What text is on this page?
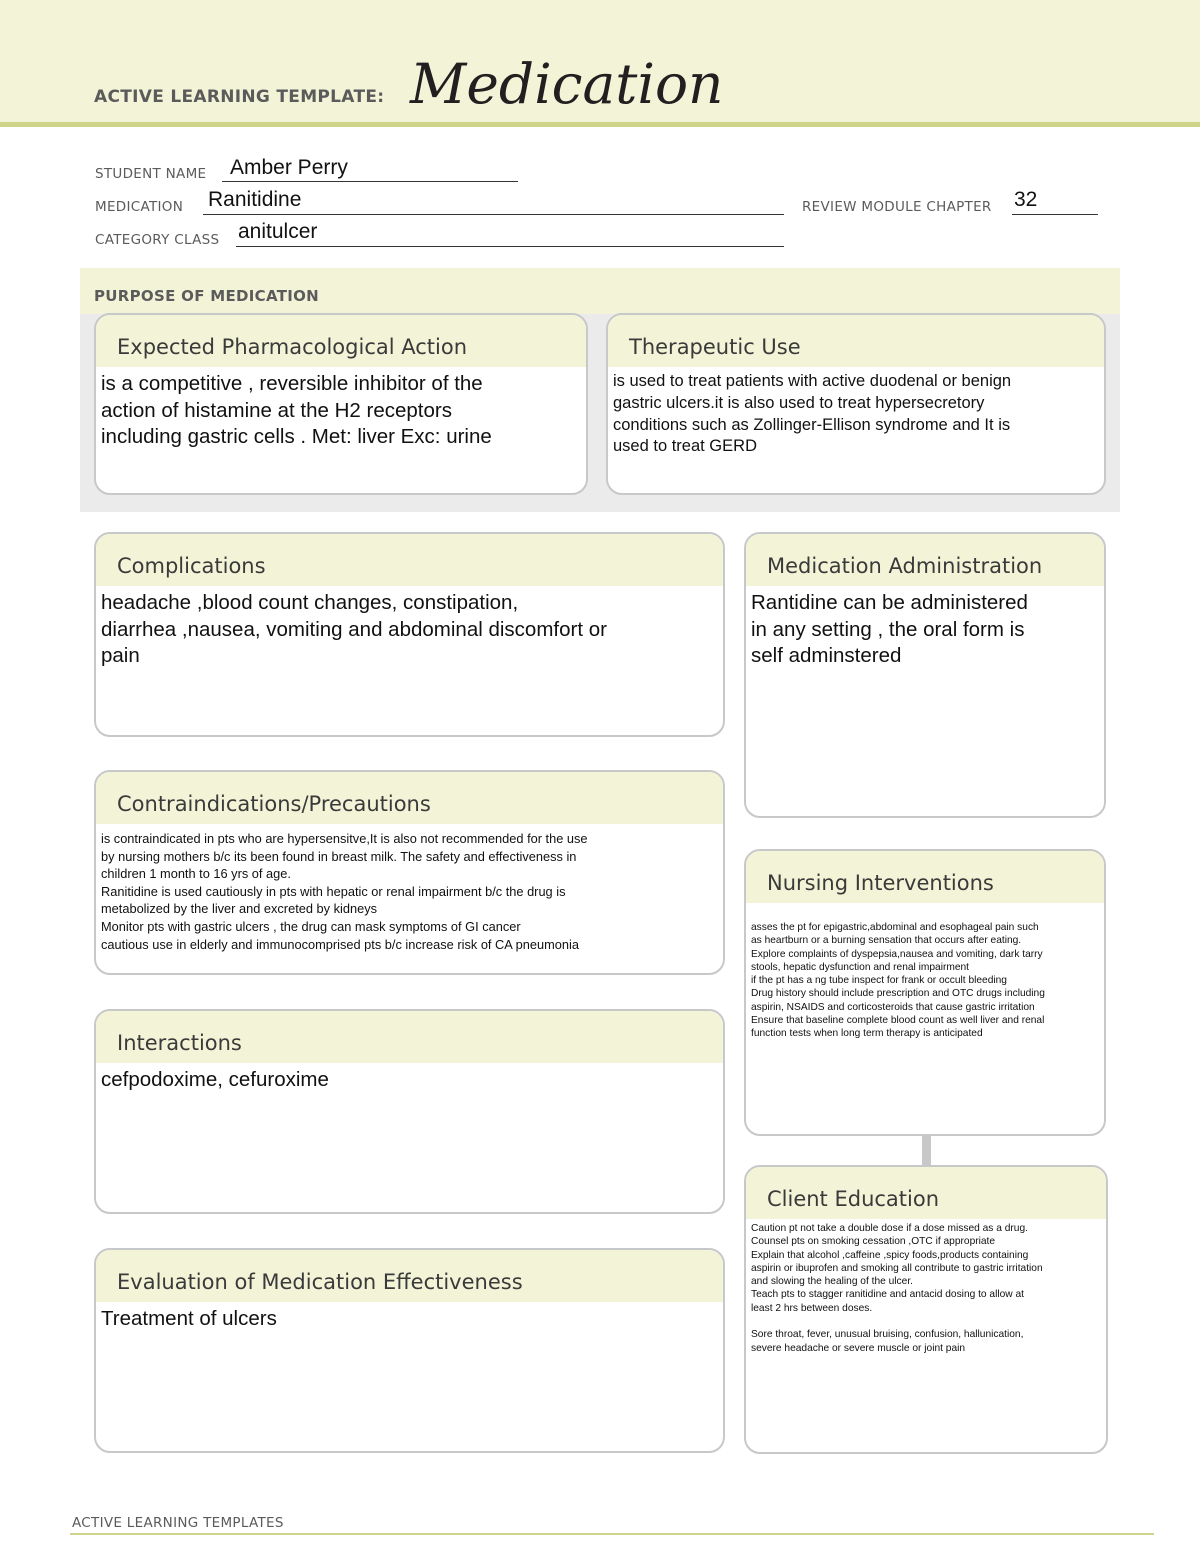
ACTIVE LEARNING TEMPLATE: Medication
STUDENT NAME Amber Perry
MEDICATION Ranitidine	REVIEW MODULE CHAPTER 32
CATEGORY CLASS anitulcer
PURPOSE OF MEDICATION
Expected Pharmacological Action

is a competitive , reversible inhibitor of the
action of histamine at the H2 receptors
including gastric cells . Met: liver Exc: urine

Therapeutic Use

is used to treat patients with active duodenal or benign
gastric ulcers.it is also used to treat hypersecretory
conditions such as Zollinger-Ellison syndrome and It is
used to treat GERD

Complications

headache ,blood count changes, constipation,
diarrhea ,nausea, vomiting and abdominal discomfort or
pain

Medication Administration

Rantidine can be administered
in any setting , the oral form is
self adminstered

Contraindications/Precautions

is contraindicated in pts who are hypersensitve,It is also not recommended for the use
by nursing mothers b/c its been found in breast milk. The safety and effectiveness in
children 1 month to 16 yrs of age.
Ranitidine is used cautiously in pts with hepatic or renal impairment b/c the drug is
metabolized by the liver and excreted by kidneys
Monitor pts with gastric ulcers , the drug can mask symptoms of GI cancer
cautious use in elderly and immunocomprised pts b/c increase risk of CA pneumonia

Nursing Interventions

asses the pt for epigastric,abdominal and esophageal pain such
as heartburn or a burning sensation that occurs after eating.
Explore complaints of dyspepsia,nausea and vomiting, dark tarry
stools, hepatic dysfunction and renal impairment
if the pt has a ng tube inspect for frank or occult bleeding
Drug history should include prescription and OTC drugs including
aspirin, NSAIDS and corticosteroids that cause gastric irritation
Ensure that baseline complete blood count as well liver and renal
function tests when long term therapy is anticipated

Interactions

cefpodoxime, cefuroxime

Client Education

Caution pt not take a double dose if a dose missed as a drug.
Counsel pts on smoking cessation ,OTC if appropriate
Explain that alcohol ,caffeine ,spicy foods,products containing
aspirin or ibuprofen and smoking all contribute to gastric irritation
and slowing the healing of the ulcer.
Teach pts to stagger ranitidine and antacid dosing to allow at
least 2 hrs between doses.

Sore throat, fever, unusual bruising, confusion, hallunication,
severe headache or severe muscle or joint pain

Evaluation of Medication Effectiveness

Treatment of ulcers

ACTIVE LEARNING TEMPLATES
